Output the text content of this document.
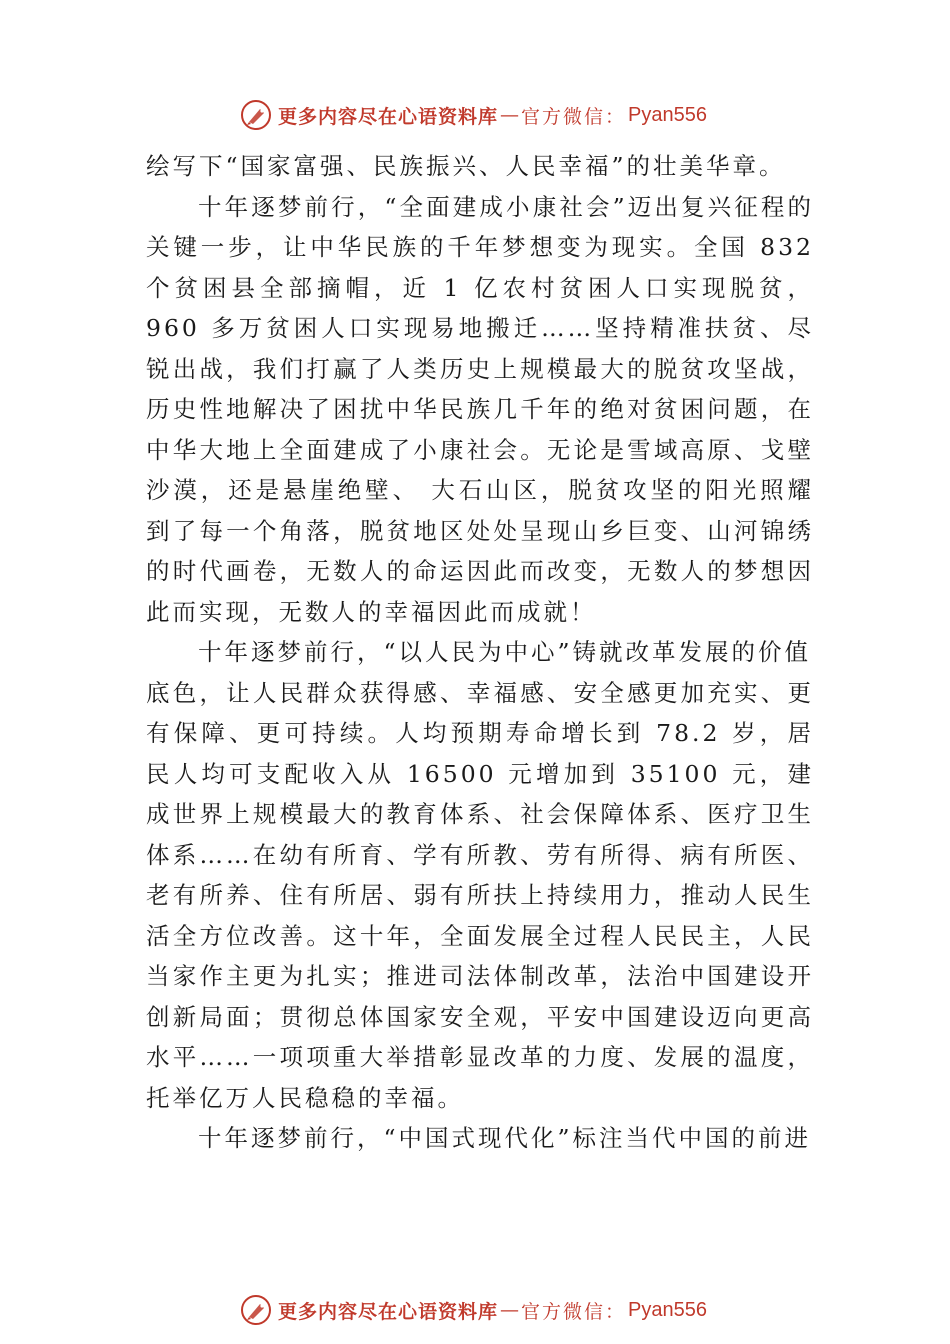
更多内容尽在心语资料库 — 官方微信： Pyan556

绘写下“国家富强、民族振兴、人民幸福”的壮美华章。

十年逐梦前行，“全面建成小康社会”迈出复兴征程的关键一步，让中华民族的千年梦想变为现实。全国 832 个贫困县全部摘帽，近 1 亿农村贫困人口实现脱贫，960 多万贫困人口实现易地搬迁……坚持精准扶贫、尽锐出战，我们打赢了人类历史上规模最大的脱贫攻坚战，历史性地解决了困扰中华民族几千年的绝对贫困问题，在中华大地上全面建成了小康社会。无论是雪域高原、戈壁沙漠，还是悬崖绝壁、 大石山区，脱贫攻坚的阳光照耀到了每一个角落，脱贫地区处处呈现山乡巨变、山河锦绣的时代画卷，无数人的命运因此而改变，无数人的梦想因此而实现，无数人的幸福因此而成就！

十年逐梦前行，“以人民为中心”铸就改革发展的价值

底色，让人民群众获得感、幸福感、安全感更加充实、更有保障、更可持续。人均预期寿命增长到 78.2 岁，居民人均可支配收入从 16500 元增加到 35100 元，建成世界上规模最大的教育体系、社会保障体系、医疗卫生体系……在幼有所育、学有所教、劳有所得、病有所医、老有所养、住有所居、弱有所扶上持续用力，推动人民生活全方位改善。这十年，全面发展全过程人民民主，人民当家作主更为扎实；推进司法体制改革，法治中国建设开创新局面；贯彻总体国家安全观，平安中国建设迈向更高水平……一项项重大举措彰显改革的力度、发展的温度，托举亿万人民稳稳的幸福。

十年逐梦前行，“中国式现代化”标注当代中国的前进

更多内容尽在心语资料库 — 官方微信： Pyan556
